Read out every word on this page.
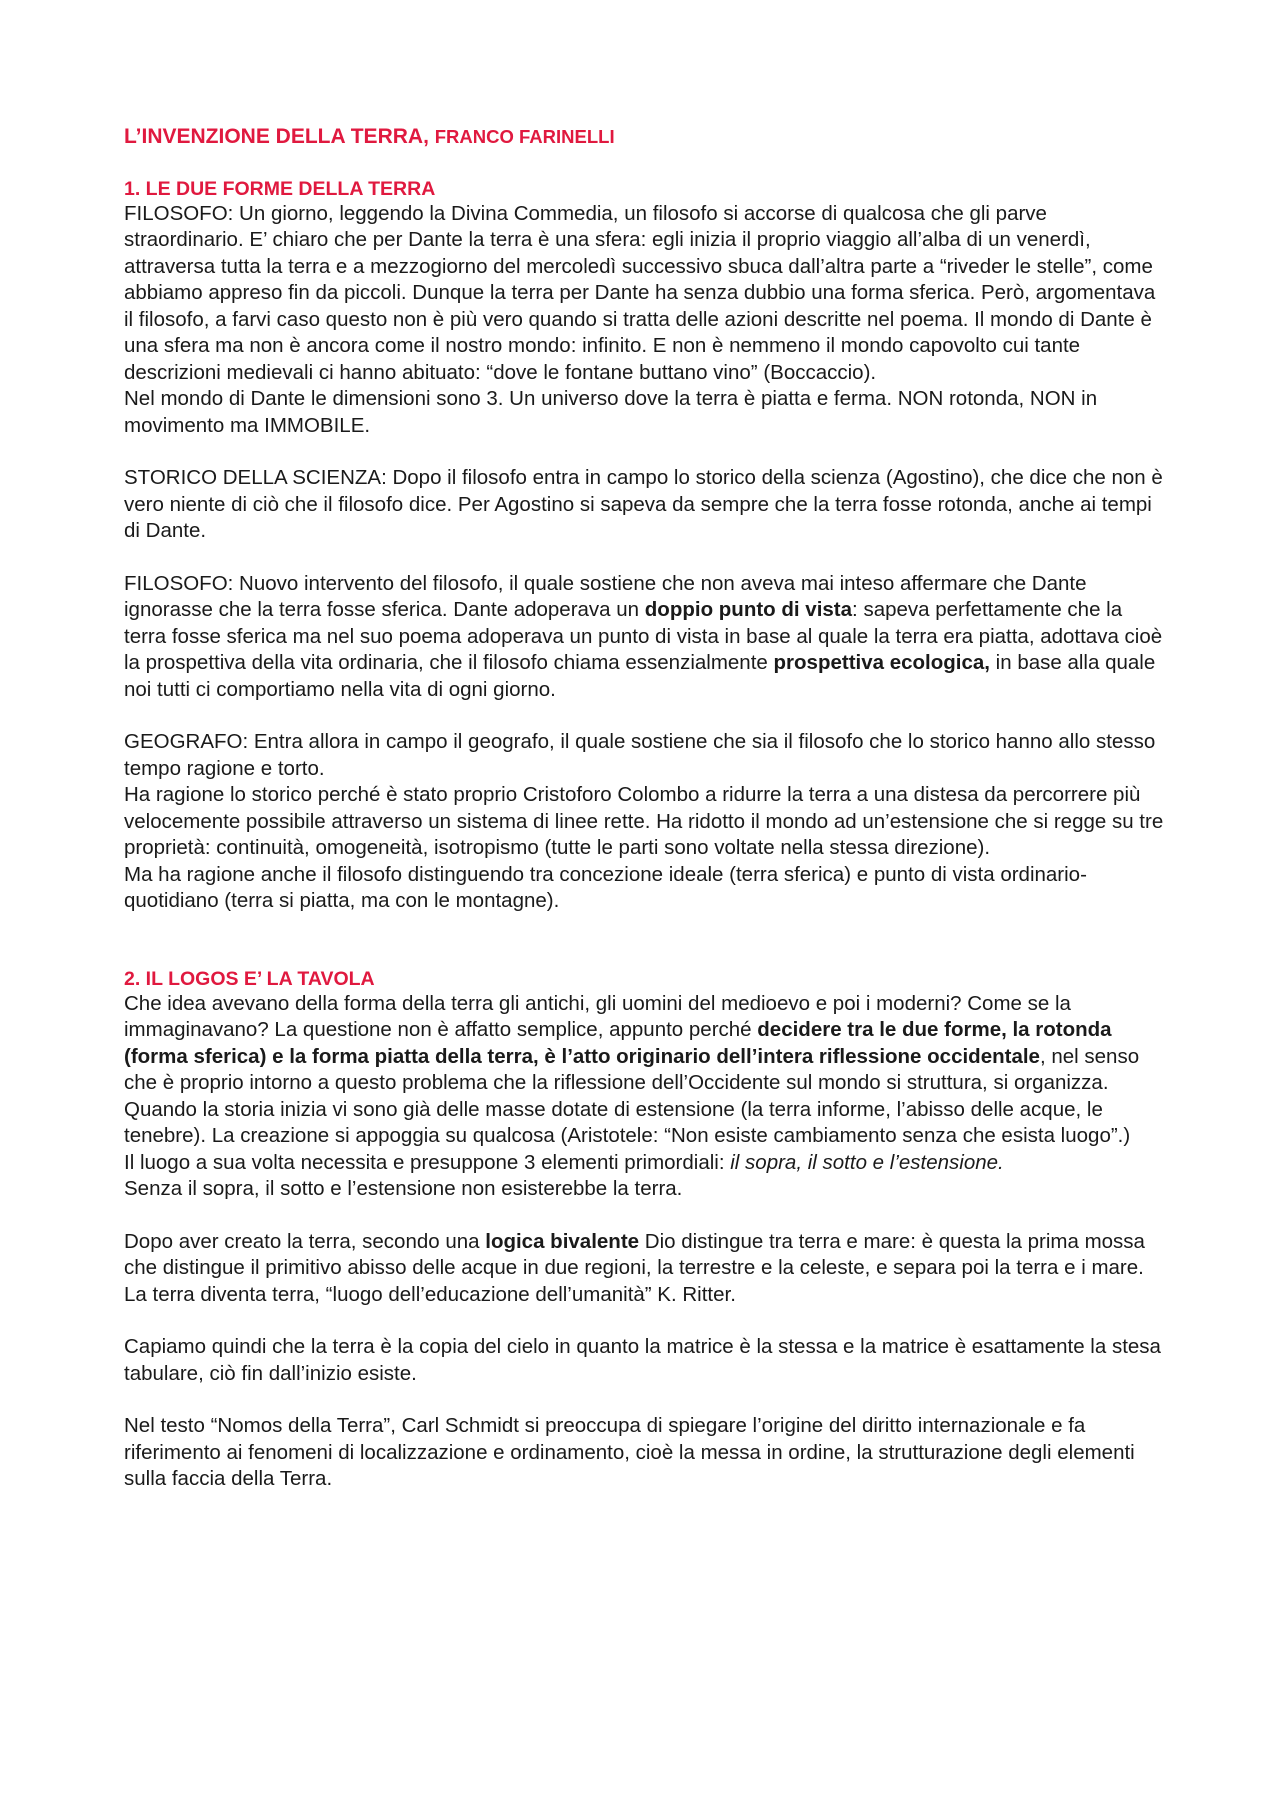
L’INVENZIONE DELLA TERRA, FRANCO FARINELLI
1. LE DUE FORME DELLA TERRA

FILOSOFO: Un giorno, leggendo la Divina Commedia, un filosofo si accorse di qualcosa che gli parve straordinario. E’ chiaro che per Dante la terra è una sfera: egli inizia il proprio viaggio all’alba di un venerdì, attraversa tutta la terra e a mezzogiorno del mercoledì successivo sbuca dall’altra parte a “riveder le stelle”, come abbiamo appreso fin da piccoli. Dunque la terra per Dante ha senza dubbio una forma sferica. Però, argomentava il filosofo, a farvi caso questo non è più vero quando si tratta delle azioni descritte nel poema. Il mondo di Dante è una sfera ma non è ancora come il nostro mondo: infinito. E non è nemmeno il mondo capovolto cui tante descrizioni medievali ci hanno abituato: “dove le fontane buttano vino” (Boccaccio).

Nel mondo di Dante le dimensioni sono 3. Un universo dove la terra è piatta e ferma. NON rotonda, NON in movimento ma IMMOBILE.

STORICO DELLA SCIENZA: Dopo il filosofo entra in campo lo storico della scienza (Agostino), che dice che non è vero niente di ciò che il filosofo dice. Per Agostino si sapeva da sempre che la terra fosse rotonda, anche ai tempi di Dante.

FILOSOFO: Nuovo intervento del filosofo, il quale sostiene che non aveva mai inteso affermare che Dante ignorasse che la terra fosse sferica. Dante adoperava un doppio punto di vista: sapeva perfettamente che la terra fosse sferica ma nel suo poema adoperava un punto di vista in base al quale la terra era piatta, adottava cioè la prospettiva della vita ordinaria, che il filosofo chiama essenzialmente prospettiva ecologica, in base alla quale noi tutti ci comportiamo nella vita di ogni giorno.

GEOGRAFO: Entra allora in campo il geografo, il quale sostiene che sia il filosofo che lo storico hanno allo stesso tempo ragione e torto.

Ha ragione lo storico perché è stato proprio Cristoforo Colombo a ridurre la terra a una distesa da percorrere più velocemente possibile attraverso un sistema di linee rette. Ha ridotto il mondo ad un’estensione che si regge su tre proprietà: continuità, omogeneità, isotropismo (tutte le parti sono voltate nella stessa direzione).

Ma ha ragione anche il filosofo distinguendo tra concezione ideale (terra sferica) e punto di vista ordinario-quotidiano (terra si piatta, ma con le montagne).

2. IL LOGOS E’ LA TAVOLA

Che idea avevano della forma della terra gli antichi, gli uomini del medioevo e poi i moderni? Come se la immaginavano? La questione non è affatto semplice, appunto perché decidere tra le due forme, la rotonda (forma sferica) e la forma piatta della terra, è l’atto originario dell’intera riflessione occidentale, nel senso che è proprio intorno a questo problema che la riflessione dell’Occidente sul mondo si struttura, si organizza.

Quando la storia inizia vi sono già delle masse dotate di estensione (la terra informe, l’abisso delle acque, le tenebre). La creazione si appoggia su qualcosa (Aristotele: “Non esiste cambiamento senza che esista luogo”.)

Il luogo a sua volta necessita e presuppone 3 elementi primordiali: il sopra, il sotto e l’estensione.

Senza il sopra, il sotto e l’estensione non esisterebbe la terra.

Dopo aver creato la terra, secondo una logica bivalente Dio distingue tra terra e mare: è questa la prima mossa che distingue il primitivo abisso delle acque in due regioni, la terrestre e la celeste, e separa poi la terra e i mare. La terra diventa terra, “luogo dell’educazione dell’umanità” K. Ritter.

Capiamo quindi che la terra è la copia del cielo in quanto la matrice è la stessa e la matrice è esattamente la stesa tabulare, ciò fin dall’inizio esiste.

Nel testo “Nomos della Terra”, Carl Schmidt si preoccupa di spiegare l’origine del diritto internazionale e fa riferimento ai fenomeni di localizzazione e ordinamento, cioè la messa in ordine, la strutturazione degli elementi sulla faccia della Terra.
